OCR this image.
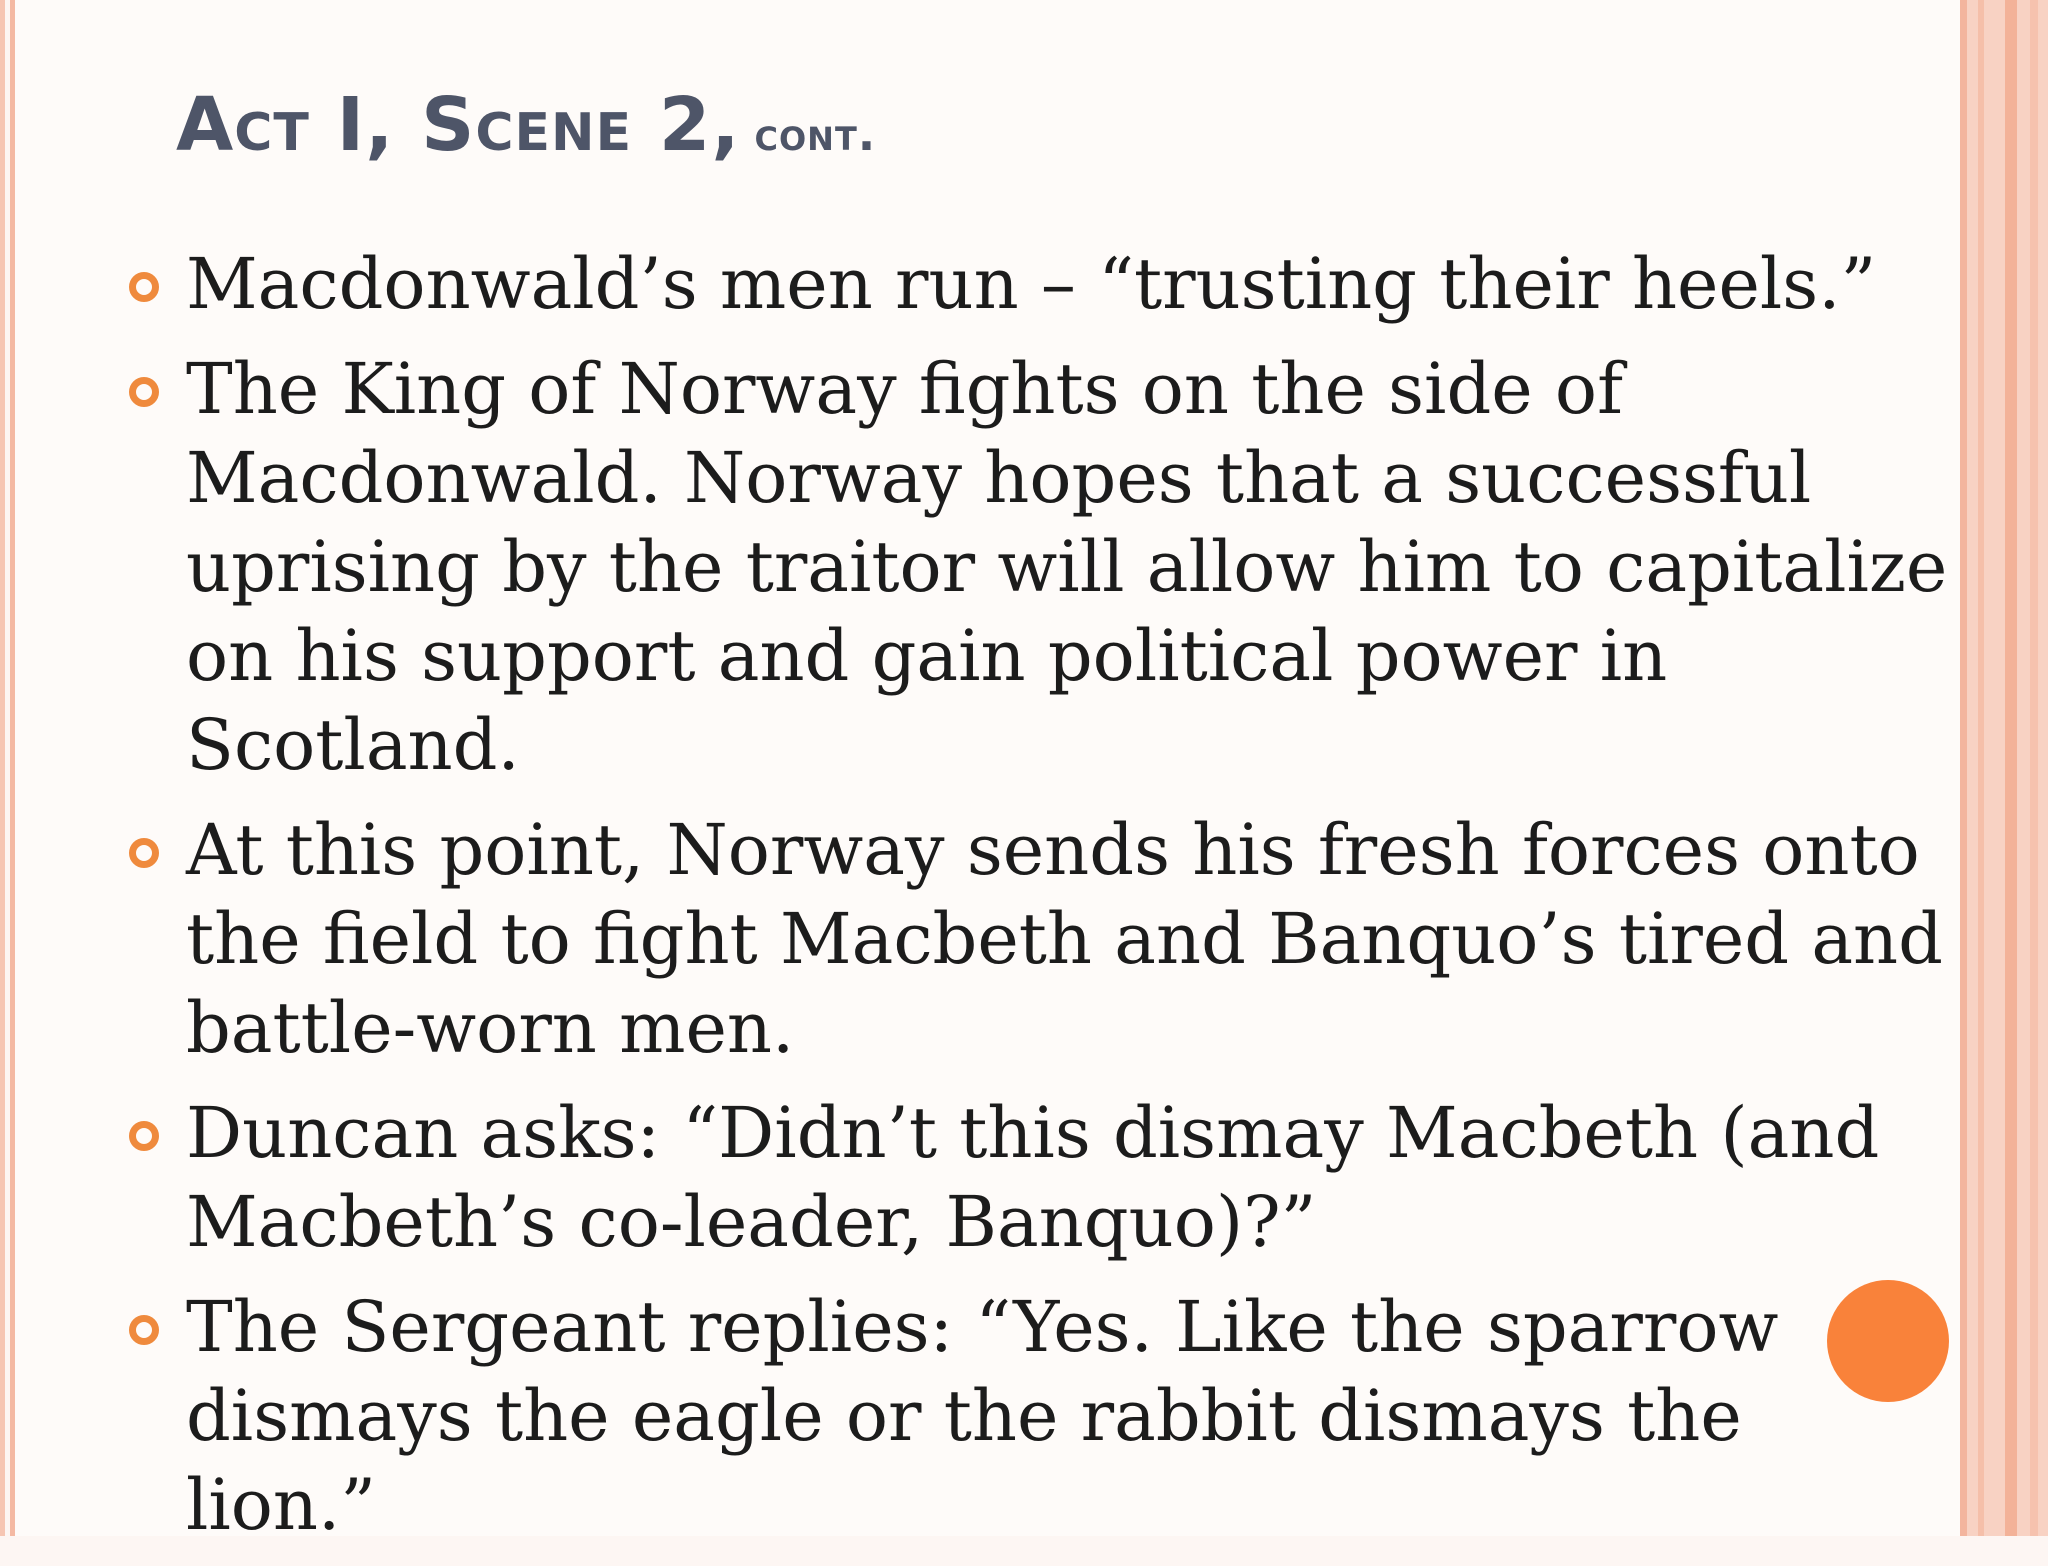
Act I, Scene 2, cont.
Macdonwald’s men run – “trusting their heels.”
The King of Norway fights on the side of Macdonwald. Norway hopes that a successful uprising by the traitor will allow him to capitalize on his support and gain political power in Scotland.
At this point, Norway sends his fresh forces onto the field to fight Macbeth and Banquo’s tired and battle-worn men.
Duncan asks: “Didn’t this dismay Macbeth (and Macbeth’s co-leader, Banquo)?”
The Sergeant replies: “Yes. Like the sparrow dismays the eagle or the rabbit dismays the lion.”
